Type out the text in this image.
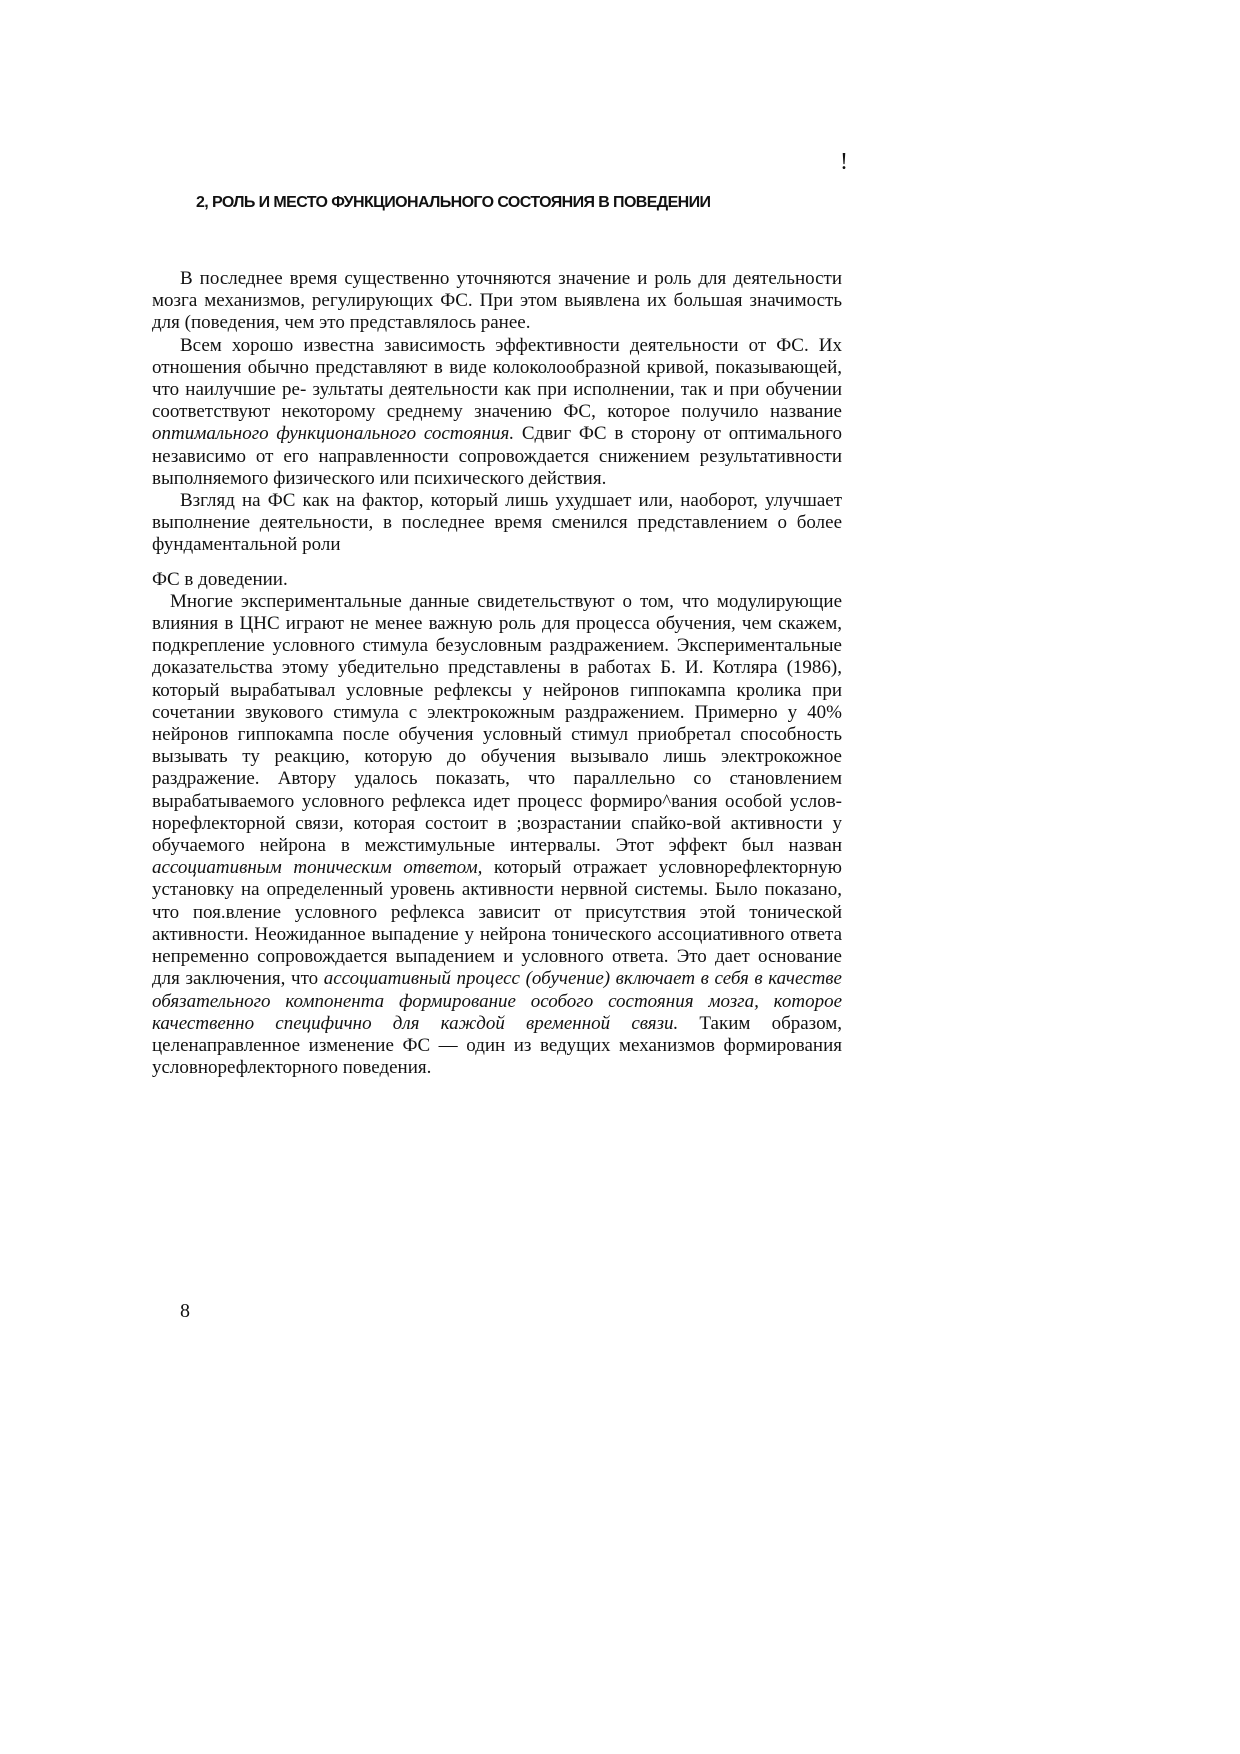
!
2, РОЛЬ И МЕСТО ФУНКЦИОНАЛЬНОГО СОСТОЯНИЯ В ПОВЕДЕНИИ

В последнее время существенно уточняются значение и роль для деятельности мозга механизмов, регулирующих ФС. При этом выявлена их большая значимость для (поведения, чем это представлялось ранее.

Всем хорошо известна зависимость эффективности деятельности от ФС. Их отношения обычно представляют в виде колоколообразной кривой, показывающей, что наилучшие ре- зультаты деятельности как при исполнении, так и при обучении соответствуют некоторому среднему значению ФС, которое получило название оптимального функционального состояния. Сдвиг ФС в сторону от оптимального независимо от его направленности сопровождается снижением результативности выполняемого физического или психического действия.

Взгляд на ФС как на фактор, который лишь ухудшает или, наоборот, улучшает выполнение деятельности, в последнее время сменился представлением о более фундаментальной роли

ФС в доведении.

Многие экспериментальные данные свидетельствуют о том, что модулирующие влияния в ЦНС играют не менее важную роль для процесса обучения, чем скажем, подкрепление условного стимула безусловным раздражением. Экспериментальные доказательства этому убедительно представлены в работах Б. И. Котляра (1986), который вырабатывал условные рефлексы у нейронов гиппокампа кролика при сочетании звукового стимула с электрокожным раздражением. Примерно у 40% нейронов гиппокампа после обучения условный стимул приобретал способность вызывать ту реакцию, которую до обучения вызывало лишь электрокожное раздражение. Автору удалось показать, что параллельно со становлением вырабатываемого условного рефлекса идет процесс формиро^вания особой услов- норефлекторной связи, которая состоит в ;возрастании спайко-вой активности у обучаемого нейрона в межстимульные интервалы. Этот эффект был назван ассоциативным тоническим ответом, который отражает условнорефлекторную установку на определенный уровень активности нервной системы. Было показано, что поя.вление условного рефлекса зависит от присутствия этой тонической активности. Неожиданное выпадение у нейрона тонического ассоциативного ответа непременно сопровождается выпадением и условного ответа. Это дает основание для заключения, что ассоциативный процесс (обучение) включает в себя в качестве обязательного компонента формирование особого состояния мозга, которое качественно специфично для каждой временной связи. Таким образом, целенаправленное изменение ФС — один из ведущих механизмов формирования условнорефлекторного поведения.

8
